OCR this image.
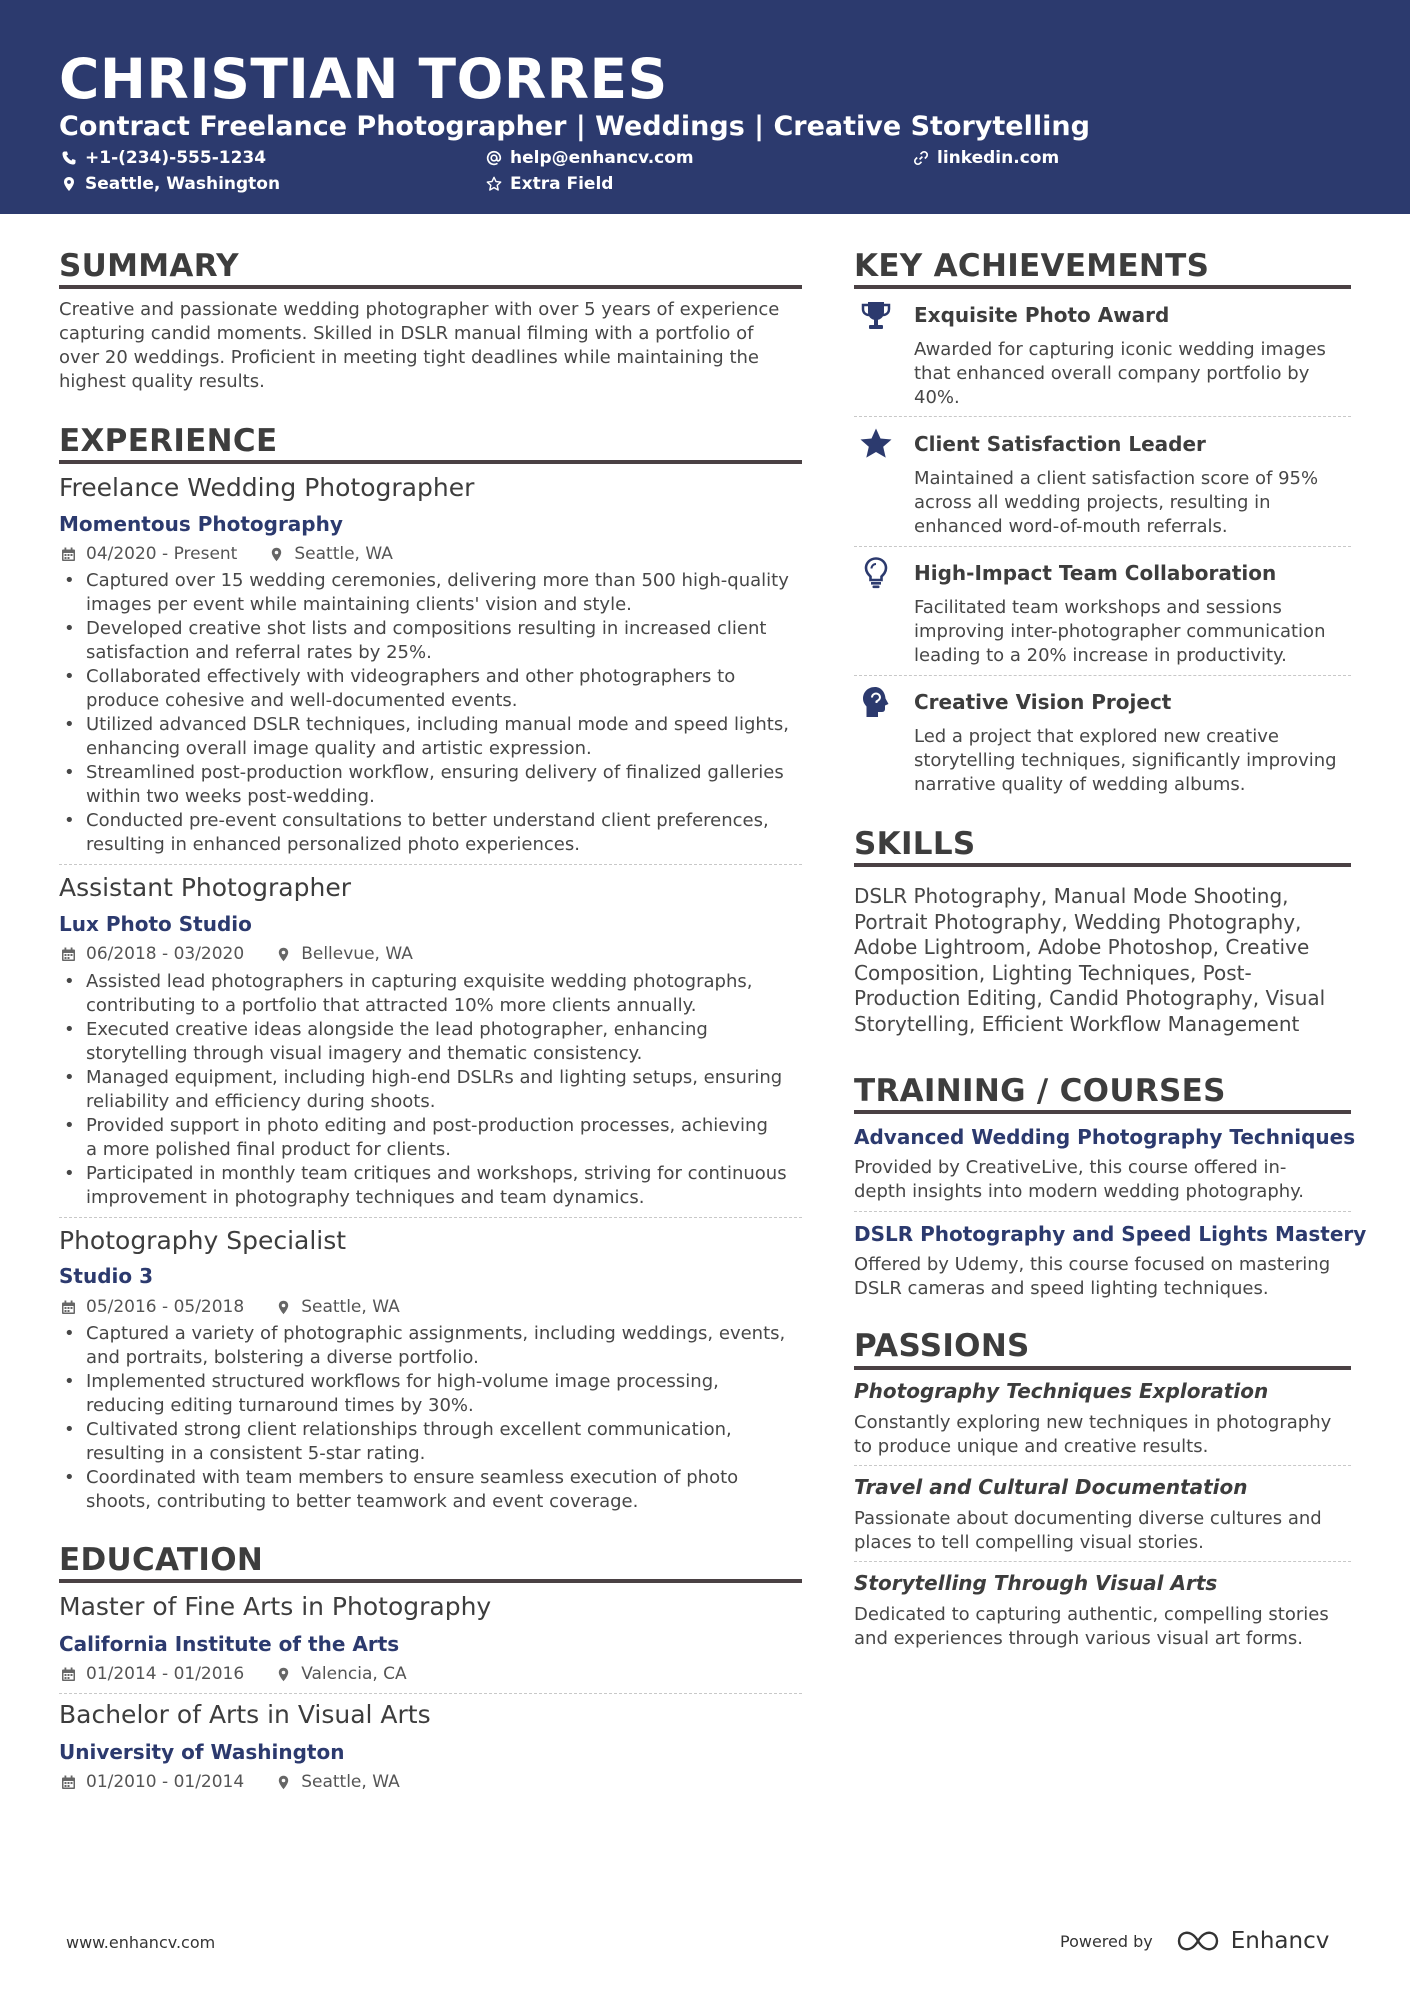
CHRISTIAN TORRES
Contract Freelance Photographer | Weddings | Creative Storytelling
+1-(234)-555-1234	help@enhancv.com	linkedin.com
Seattle, Washington	Extra Field
SUMMARY
Creative and passionate wedding photographer with over 5 years of experience
capturing candid moments. Skilled in DSLR manual filming with a portfolio of
over 20 weddings. Proficient in meeting tight deadlines while maintaining the
highest quality results.
EXPERIENCE
Freelance Wedding Photographer
Momentous Photography
04/2020 - Present	Seattle, WA
• Captured over 15 wedding ceremonies, delivering more than 500 high-quality
images per event while maintaining clients' vision and style.
• Developed creative shot lists and compositions resulting in increased client
satisfaction and referral rates by 25%.
• Collaborated effectively with videographers and other photographers to
produce cohesive and well-documented events.
• Utilized advanced DSLR techniques, including manual mode and speed lights,
enhancing overall image quality and artistic expression.
• Streamlined post-production workflow, ensuring delivery of finalized galleries
within two weeks post-wedding.
• Conducted pre-event consultations to better understand client preferences,
resulting in enhanced personalized photo experiences.
Assistant Photographer
Lux Photo Studio
06/2018 - 03/2020	Bellevue, WA
• Assisted lead photographers in capturing exquisite wedding photographs,
contributing to a portfolio that attracted 10% more clients annually.
• Executed creative ideas alongside the lead photographer, enhancing
storytelling through visual imagery and thematic consistency.
• Managed equipment, including high-end DSLRs and lighting setups, ensuring
reliability and efficiency during shoots.
• Provided support in photo editing and post-production processes, achieving
a more polished final product for clients.
• Participated in monthly team critiques and workshops, striving for continuous
improvement in photography techniques and team dynamics.
Photography Specialist
Studio 3
05/2016 - 05/2018	Seattle, WA
• Captured a variety of photographic assignments, including weddings, events,
and portraits, bolstering a diverse portfolio.
• Implemented structured workflows for high-volume image processing,
reducing editing turnaround times by 30%.
• Cultivated strong client relationships through excellent communication,
resulting in a consistent 5-star rating.
• Coordinated with team members to ensure seamless execution of photo
shoots, contributing to better teamwork and event coverage.
EDUCATION
Master of Fine Arts in Photography
California Institute of the Arts
01/2014 - 01/2016	Valencia, CA
Bachelor of Arts in Visual Arts
University of Washington
01/2010 - 01/2014	Seattle, WA
KEY ACHIEVEMENTS
Exquisite Photo Award
Awarded for capturing iconic wedding images
that enhanced overall company portfolio by
40%.
Client Satisfaction Leader
Maintained a client satisfaction score of 95%
across all wedding projects, resulting in
enhanced word-of-mouth referrals.
High-Impact Team Collaboration
Facilitated team workshops and sessions
improving inter-photographer communication
leading to a 20% increase in productivity.
Creative Vision Project
Led a project that explored new creative
storytelling techniques, significantly improving
narrative quality of wedding albums.
SKILLS
DSLR Photography, Manual Mode Shooting,
Portrait Photography, Wedding Photography,
Adobe Lightroom, Adobe Photoshop, Creative
Composition, Lighting Techniques, Post-
Production Editing, Candid Photography, Visual
Storytelling, Efficient Workflow Management
TRAINING / COURSES
Advanced Wedding Photography Techniques
Provided by CreativeLive, this course offered in-
depth insights into modern wedding photography.
DSLR Photography and Speed Lights Mastery
Offered by Udemy, this course focused on mastering
DSLR cameras and speed lighting techniques.
PASSIONS
Photography Techniques Exploration
Constantly exploring new techniques in photography
to produce unique and creative results.
Travel and Cultural Documentation
Passionate about documenting diverse cultures and
places to tell compelling visual stories.
Storytelling Through Visual Arts
Dedicated to capturing authentic, compelling stories
and experiences through various visual art forms.
www.enhancv.com	Powered by	Enhancv
